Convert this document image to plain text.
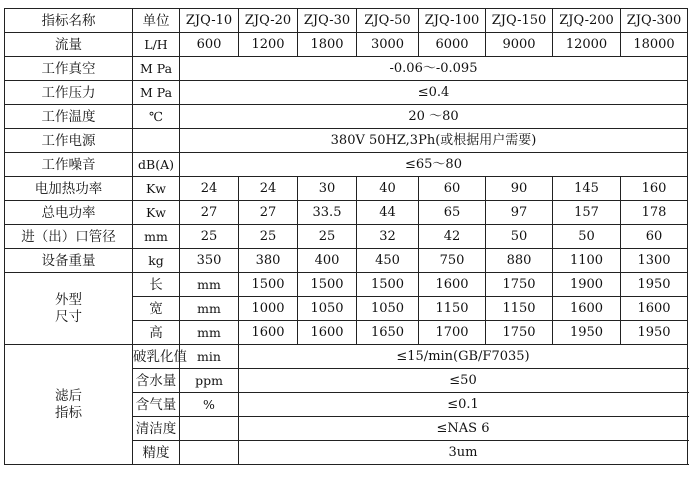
指标名称	单位	ZJQ-10	ZJQ-20	ZJQ-30	ZJQ-50	ZJQ-100	ZJQ-150	ZJQ-200	ZJQ-300	
流量	L/H	600	1200	1800	3000	6000	9000	12000	18000	
工作真空	M Pa	-0.06～-0.095								
工作压力	M Pa	≤0.4								
工作温度	℃	20 ～80								
工作电源		380V 50HZ,3Ph(或根据用户需要)								
工作噪音	dB(A)	≤65～80								
电加热功率	Kw	24	24	30	40	60	90	145	160	
总电功率	Kw	27	27	33.5	44	65	97	157	178	
进（出）口管径	mm	25	25	25	32	42	50	50	60	
设备重量	kg	350	380	400	450	750	880	1100	1300	

外型
尺寸	长	mm	1500	1500	1500	1600	1750	1900	1950	
	宽	mm	1000	1050	1050	1150	1150	1600	1600	
	高	mm	1600	1600	1650	1700	1750	1950	1950	

滤后
指标	破乳化值	min	≤15/min(GB/F7035)							
	含水量	ppm	≤50							
	含气量	%	≤0.1							
	清洁度		≤NAS 6							
	精度		3um							
